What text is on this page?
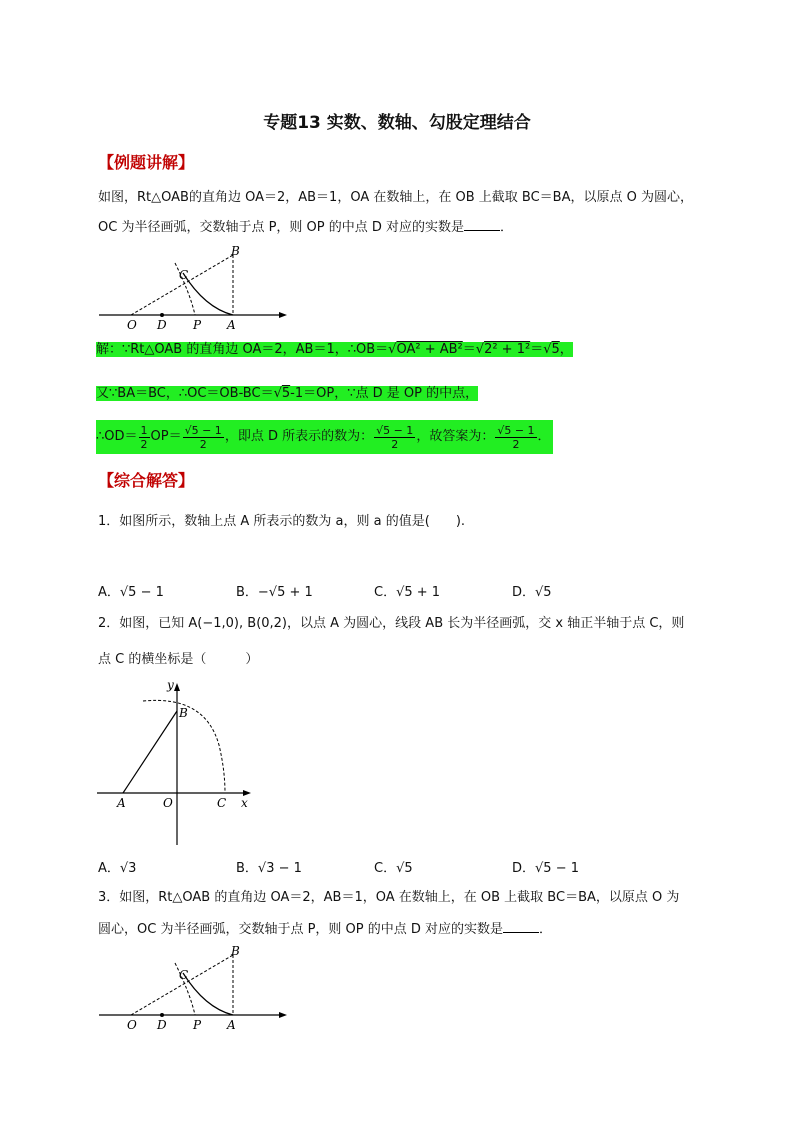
专题13 实数、数轴、勾股定理结合
【例题讲解】
如图，Rt△OAB的直角边 OA＝2，AB＝1，OA 在数轴上，在 OB 上截取 BC＝BA，以原点 O 为圆心，
OC 为半径画弧，交数轴于点 P，则 OP 的中点 D 对应的实数是	．
O D P A
B
C
解：∵Rt△OAB 的直角边 OA＝2，AB＝1，∴OB＝√OA² + AB²＝√2² + 1²＝√5，
又∵BA＝BC，∴OC＝OB-BC＝√5-1＝OP，∵点 D 是 OP 的中点，
∴OD＝ $\frac{1}{2} OP= \frac{√5 - 1}{2}$ ，即点 D 所表示的数为： $\frac{√5 - 1}{2}$ ，故答案为： $\frac{√5 - 1}{2}$ ．
【综合解答】
1．如图所示，数轴上点 A 所表示的数为 a，则 a 的值是(　　).
A．√5 − 1	B．−√5 + 1	C．√5 + 1	D．√5
2．如图，已知 A(−1,0), B(0,2)，以点 A 为圆心，线段 AB 长为半径画弧，交 x 轴正半轴于点 C，则
点 C 的横坐标是（　　　）
A	O	C
B
x
y
A．√3	B．√3 − 1	C．√5	D．√5 − 1
3．如图，Rt△OAB 的直角边 OA＝2，AB＝1，OA 在数轴上，在 OB 上截取 BC＝BA，以原点 O 为
圆心，OC 为半径画弧，交数轴于点 P，则 OP 的中点 D 对应的实数是	．
O D P A
B
C
